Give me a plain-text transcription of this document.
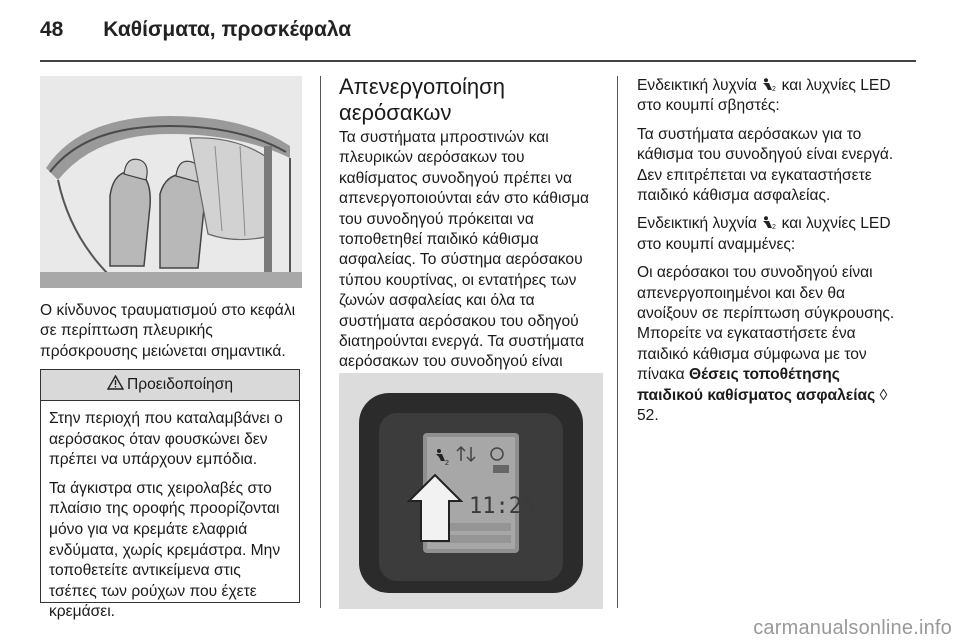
48 Καθίσματα, προσκέφαλα

Ο κίνδυνος τραυματισμού στο κεφάλι σε περίπτωση πλευρικής πρόσκρουσης μειώνεται σημαντικά.

Προειδοποίηση

Στην περιοχή που καταλαμβάνει ο αερόσακος όταν φουσκώνει δεν πρέπει να υπάρχουν εμπόδια.

Τα άγκιστρα στις χειρολαβές στο πλαίσιο της οροφής προορίζονται μόνο για να κρεμάτε ελαφριά ενδύματα, χωρίς κρεμάστρα. Μην τοποθετείτε αντικείμενα στις τσέπες των ρούχων που έχετε κρεμάσει.

Απενεργοποίηση αερόσακων

Τα συστήματα μπροστινών και πλευρικών αερόσακων του καθίσματος συνοδηγού πρέπει να απενεργοποιούνται εάν στο κάθισμα του συνοδηγού πρόκειται να τοποθετηθεί παιδικό κάθισμα ασφαλείας. Το σύστημα αερόσακου τύπου κουρτίνας, οι εντατήρες των ζωνών ασφαλείας και όλα τα συστήματα αερόσακου του οδηγού διατηρούνται ενεργά. Τα συστήματα αερόσακων του συνοδηγού είναι

2
11:25

Ενδεικτική λυχνία 2 και λυχνίες LED στο κουμπί σβηστές:

Τα συστήματα αερόσακων για το κάθισμα του συνοδηγού είναι ενεργά. Δεν επιτρέπεται να εγκαταστήσετε παιδικό κάθισμα ασφαλείας.

Ενδεικτική λυχνία 2 και λυχνίες LED στο κουμπί αναμμένες:

Οι αερόσακοι του συνοδηγού είναι απενεργοποιημένοι και δεν θα ανοίξουν σε περίπτωση σύγκρουσης. Μπορείτε να εγκαταστήσετε ένα παιδικό κάθισμα σύμφωνα με τον πίνακα Θέσεις τοποθέτησης παιδικού καθίσματος ασφαλείας ◊ 52.

carmanualsonline.info
